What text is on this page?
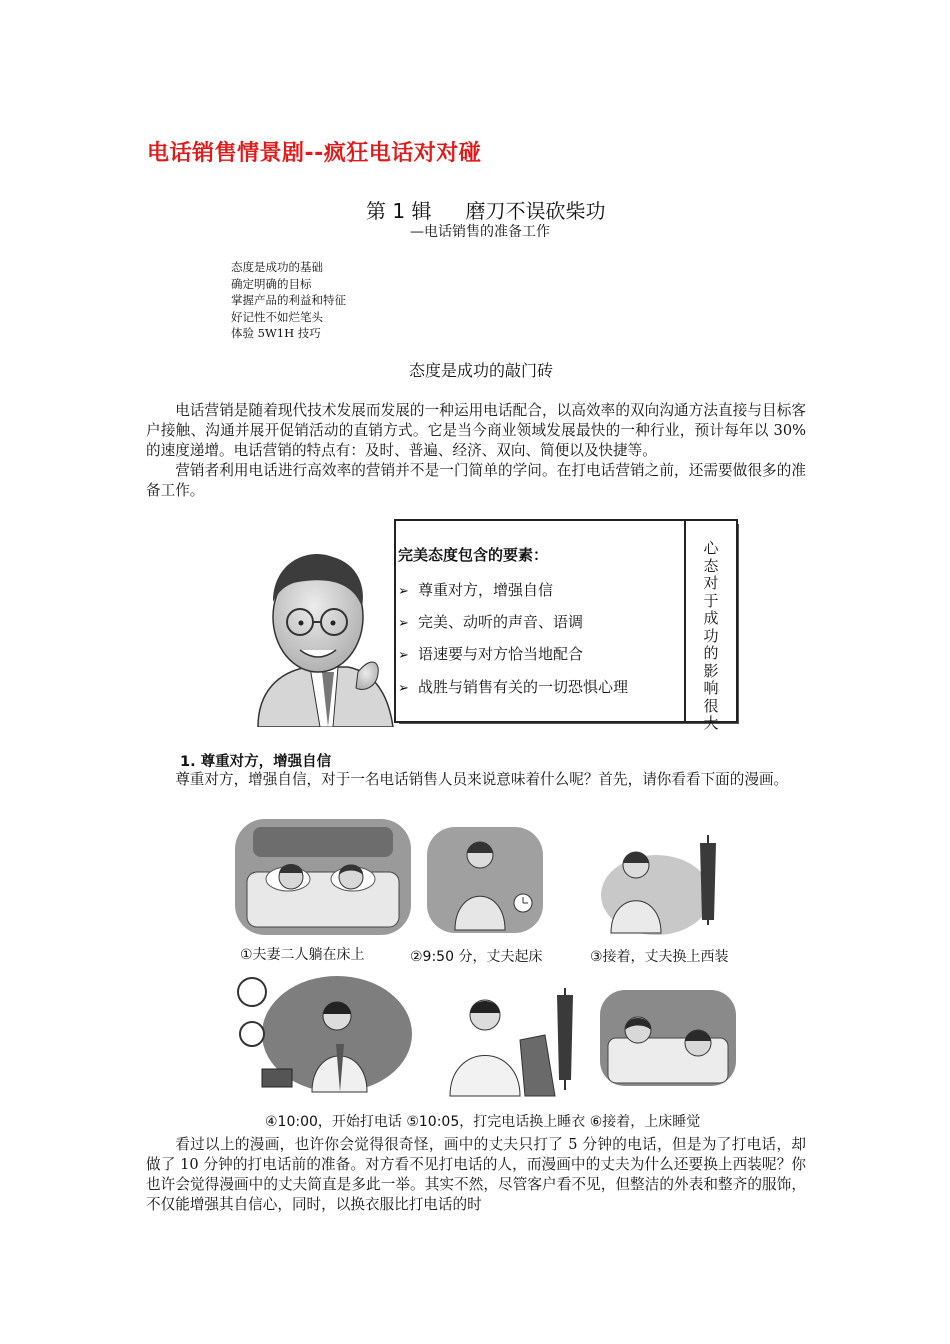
电话销售情景剧--疯狂电话对对碰
第 1 辑 磨刀不误砍柴功
—电话销售的准备工作
态度是成功的基础
确定明确的目标
掌握产品的利益和特征
好记性不如烂笔头
体验 5W1H 技巧
态度是成功的敲门砖

电话营销是随着现代技术发展而发展的一种运用电话配合，以高效率的双向沟通方法直接与目标客户接触、沟通并展开促销活动的直销方式。它是当今商业领域发展最快的一种行业，预计每年以 30%的速度递增。电话营销的特点有：及时、普遍、经济、双向、简便以及快捷等。

营销者利用电话进行高效率的营销并不是一门简单的学问。在打电话营销之前，还需要做很多的准备工作。

完美态度包含的要素：
➢ 尊重对方，增强自信
➢ 完美、动听的声音、语调
➢ 语速要与对方恰当地配合
➢ 战胜与销售有关的一切恐惧心理
心态对于成功的影响很大
1. 尊重对方，增强自信

尊重对方，增强自信，对于一名电话销售人员来说意味着什么呢？首先，请你看看下面的漫画。

①夫妻二人躺在床上	②9:50 分，丈夫起床	③接着，丈夫换上西装
④10:00，开始打电话 ⑤10:05，打完电话换上睡衣 ⑥接着，上床睡觉

看过以上的漫画，也许你会觉得很奇怪，画中的丈夫只打了 5 分钟的电话，但是为了打电话，却做了 10 分钟的打电话前的准备。对方看不见打电话的人，而漫画中的丈夫为什么还要换上西装呢？你也许会觉得漫画中的丈夫简直是多此一举。其实不然，尽管客户看不见，但整洁的外表和整齐的服饰，不仅能增强其自信心，同时，以换衣服比打电话的时
